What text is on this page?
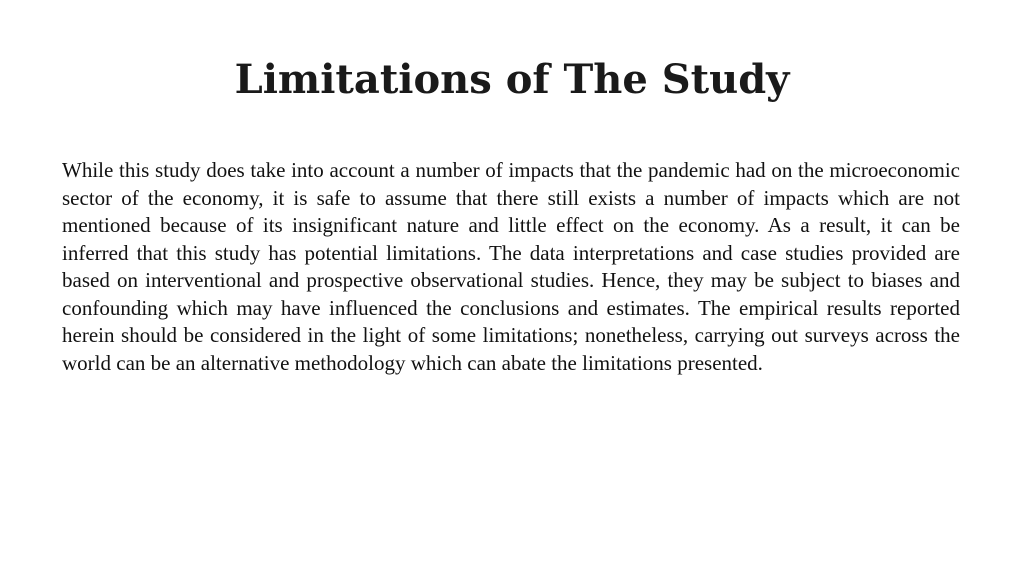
Limitations of The Study

While this study does take into account a number of impacts that the pandemic had on the microeconomic sector of the economy, it is safe to assume that there still exists a number of impacts which are not mentioned because of its insignificant nature and little effect on the economy. As a result, it can be inferred that this study has potential limitations. The data interpretations and case studies provided are based on interventional and prospective observational studies. Hence, they may be subject to biases and confounding which may have influenced the conclusions and estimates. The empirical results reported herein should be considered in the light of some limitations; nonetheless, carrying out surveys across the world can be an alternative methodology which can abate the limitations presented.
